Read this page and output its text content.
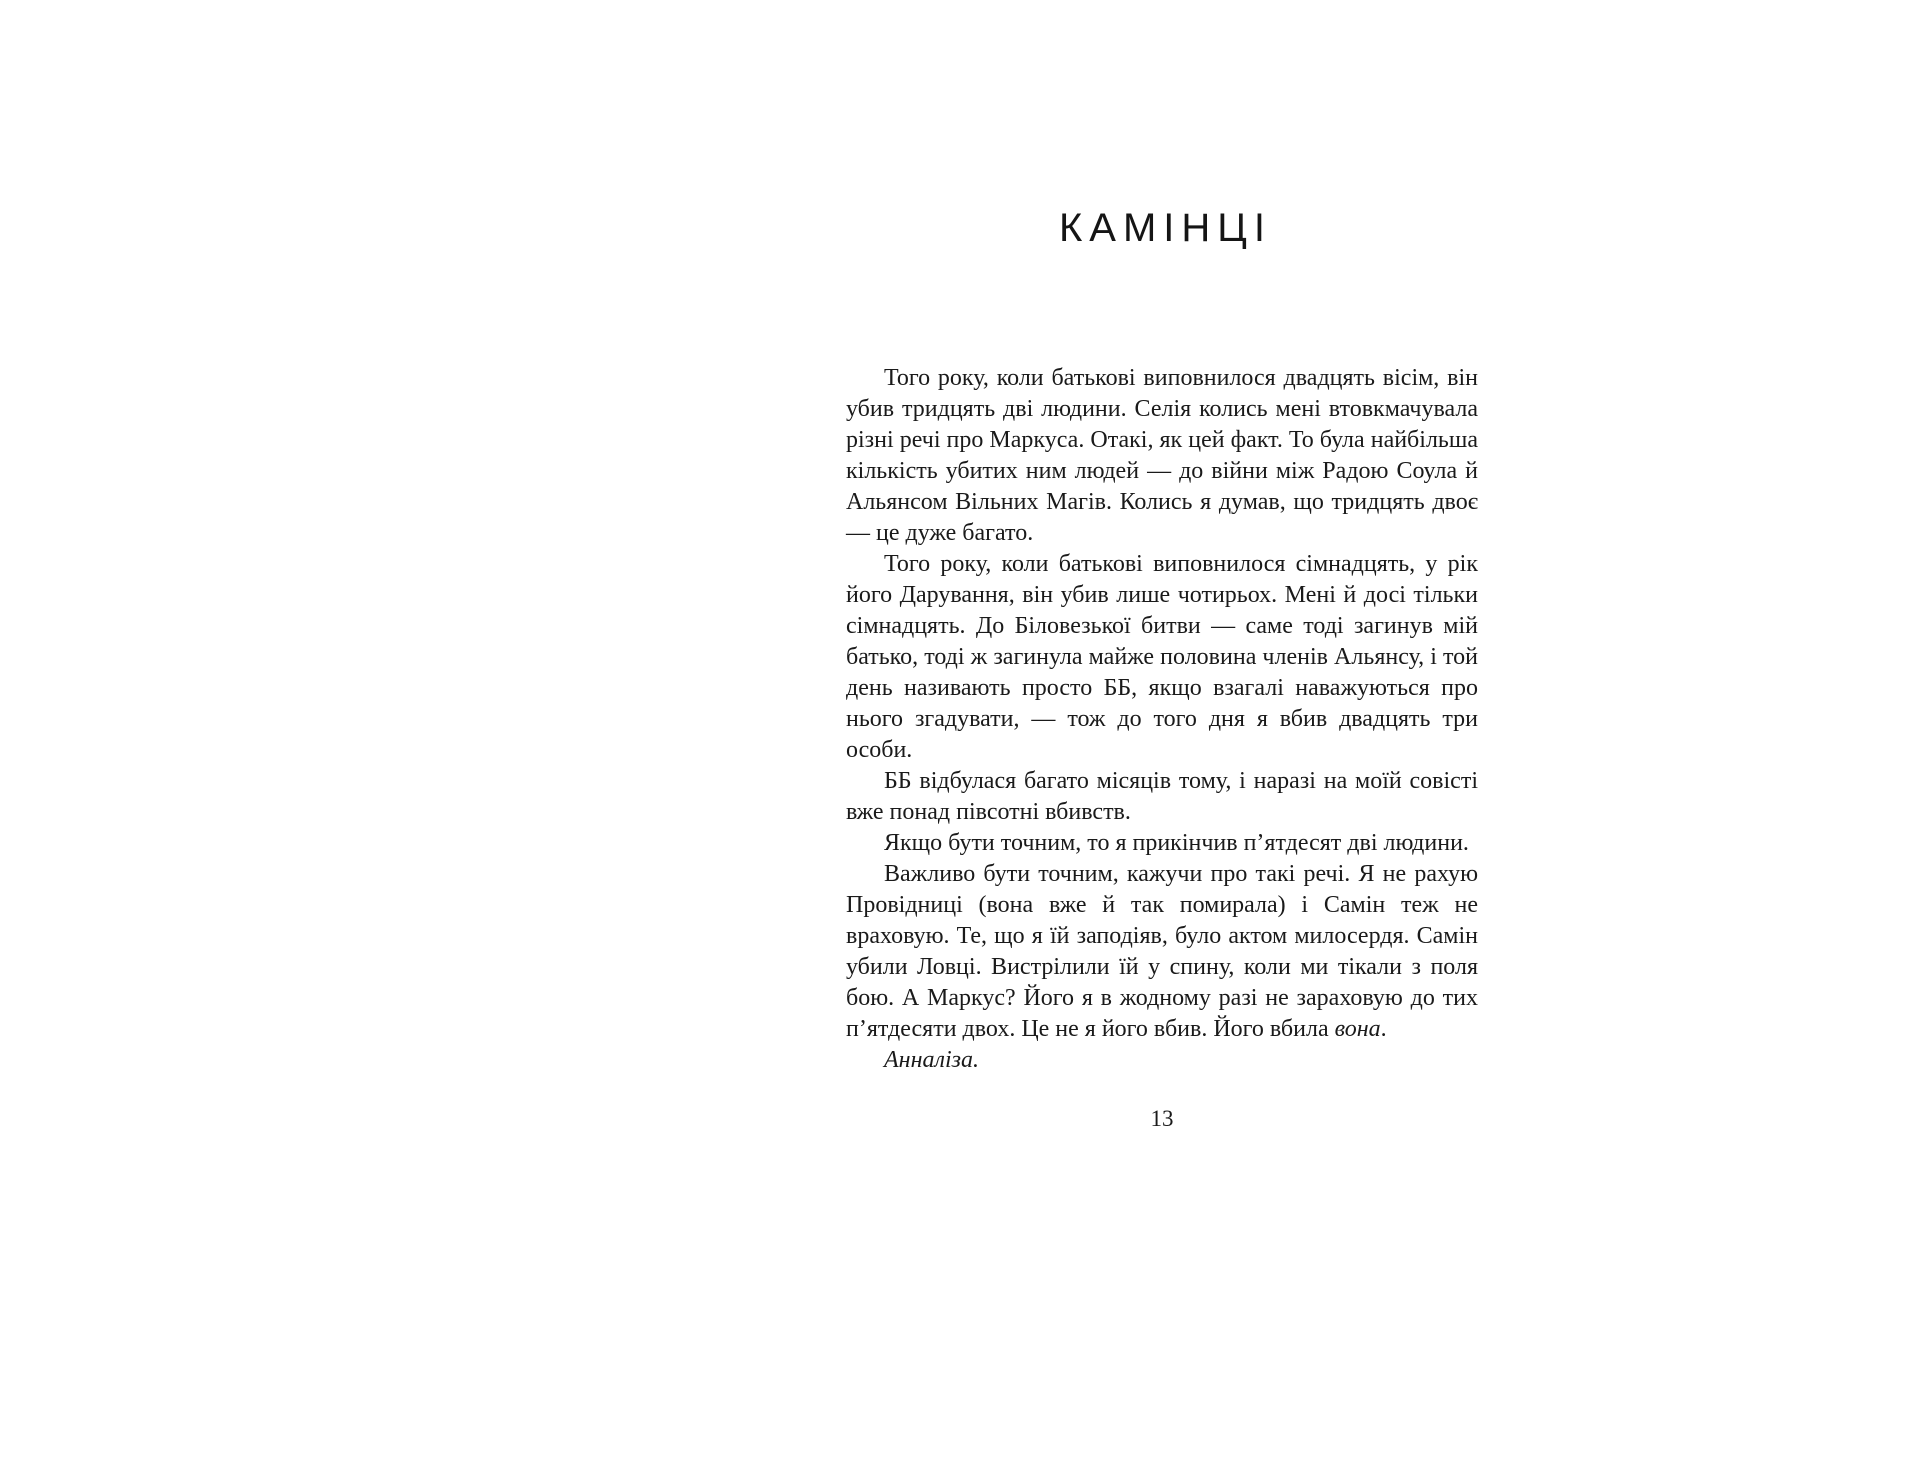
КАМІНЦІ

Того року, коли батькові виповнилося двадцять вісім, він убив тридцять дві людини. Селія колись мені втовкмачувала різні речі про Маркуса. Отакі, як цей факт. То була найбільша кількість убитих ним людей — до війни між Радою Соула й Альянсом Вільних Магів. Колись я думав, що тридцять двоє — це дуже багато.

Того року, коли батькові виповнилося сімнадцять, у рік його Дарування, він убив лише чотирьох. Мені й досі тільки сімнадцять. До Біловезької битви — саме тоді загинув мій батько, тоді ж загинула майже половина членів Альянсу, і той день називають просто ББ, якщо взагалі наважуються про нього згадувати, — тож до того дня я вбив двадцять три особи.

ББ відбулася багато місяців тому, і наразі на моїй совісті вже понад півсотні вбивств.

Якщо бути точним, то я прикінчив п’ятдесят дві людини.

Важливо бути точним, кажучи про такі речі. Я не рахую Провідниці (вона вже й так помирала) і Самін теж не враховую. Те, що я їй заподіяв, було актом милосердя. Самін убили Ловці. Вистрілили їй у спину, коли ми тікали з поля бою. А Маркус? Його я в жодному разі не зараховую до тих п’ятдесяти двох. Це не я його вбив. Його вбила вона.

Анналіза.

13
